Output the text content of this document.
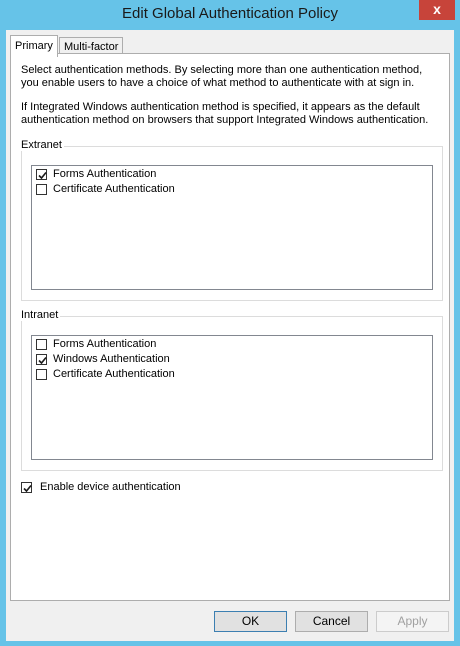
Edit Global Authentication Policy	x
Primary	Multi-factor
Select authentication methods. By selecting more than one authentication method, you enable users to have a choice of what method to authenticate with at sign in.
If Integrated Windows authentication method is specified, it appears as the default authentication method on browsers that support Integrated Windows authentication.
Extranet
Forms Authentication
Certificate Authentication
Intranet
Forms Authentication
Windows Authentication
Certificate Authentication
Enable device authentication
OK	Cancel	Apply
